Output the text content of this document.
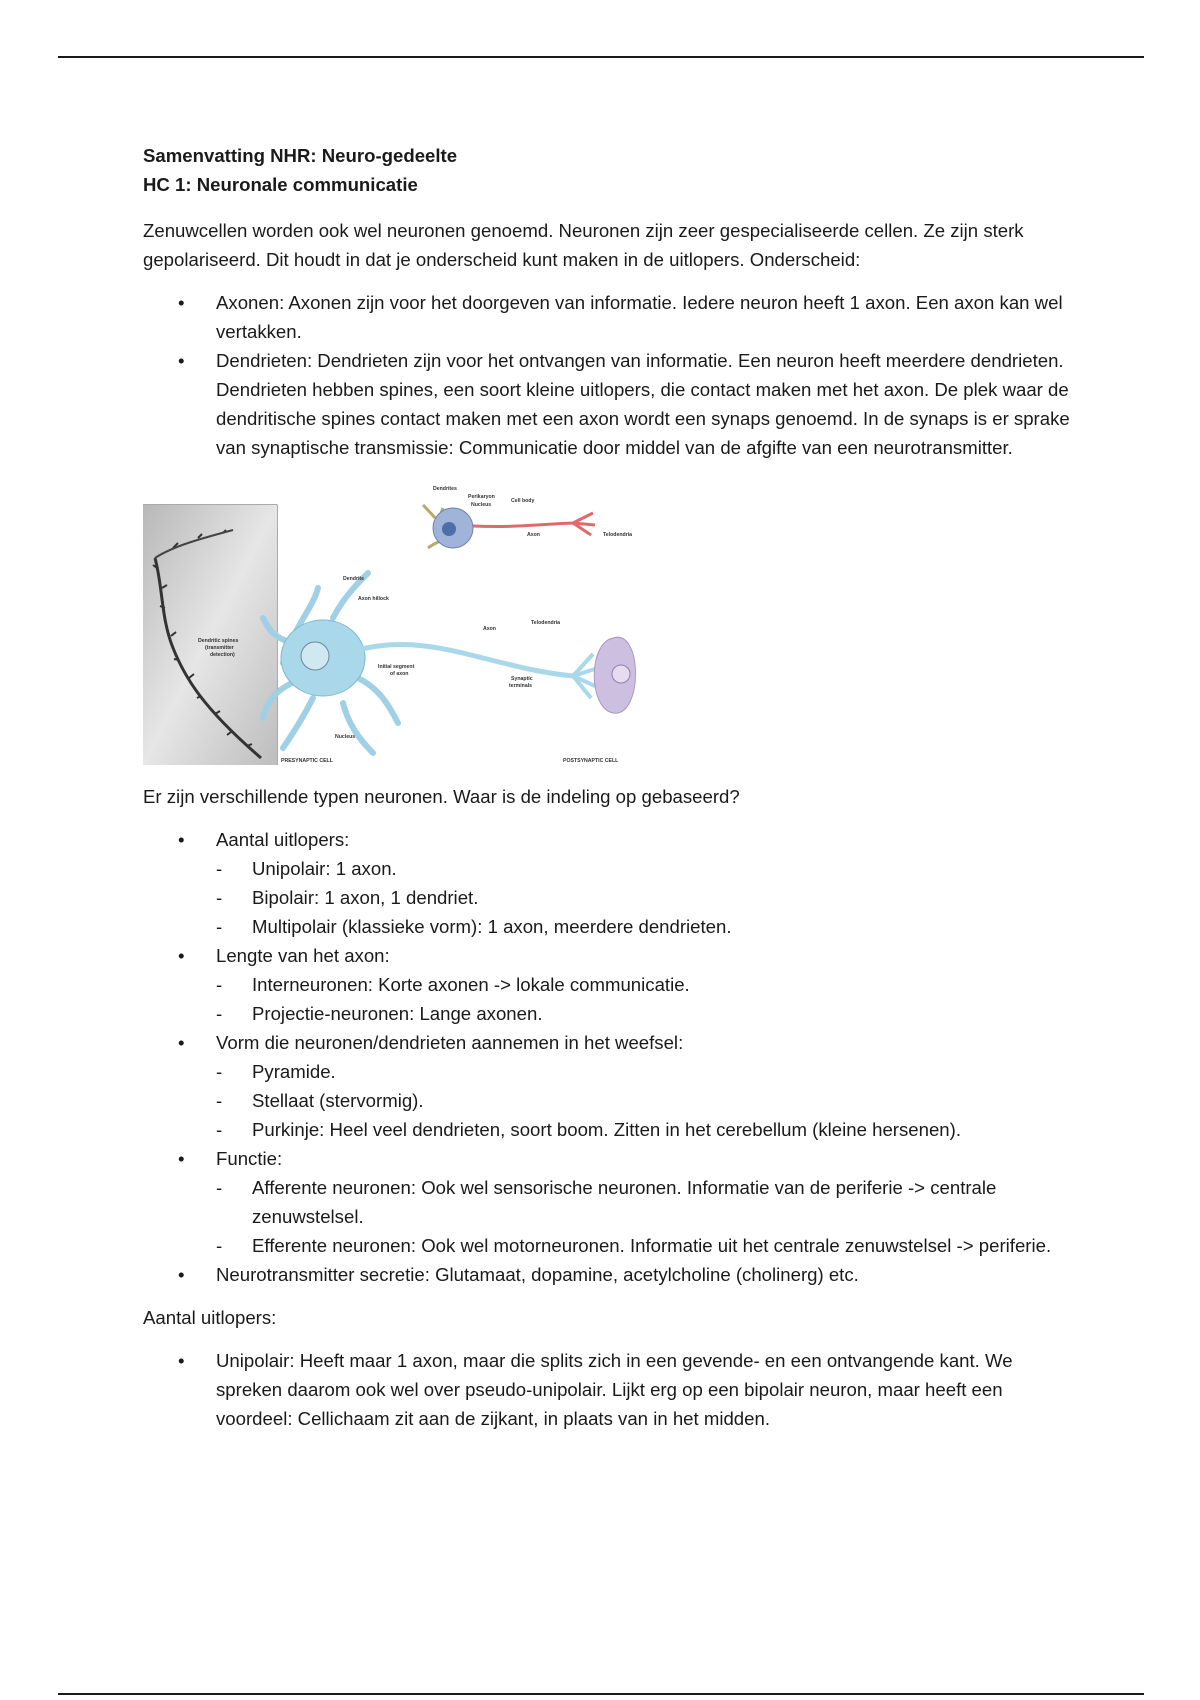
Samenvatting NHR: Neuro-gedeelte

HC 1: Neuronale communicatie

Zenuwcellen worden ook wel neuronen genoemd. Neuronen zijn zeer gespecialiseerde cellen. Ze zijn sterk gepolariseerd. Dit houdt in dat je onderscheid kunt maken in de uitlopers. Onderscheid:

• Axonen: Axonen zijn voor het doorgeven van informatie. Iedere neuron heeft 1 axon. Een axon kan wel vertakken.
• Dendrieten: Dendrieten zijn voor het ontvangen van informatie. Een neuron heeft meerdere dendrieten. Dendrieten hebben spines, een soort kleine uitlopers, die contact maken met het axon. De plek waar de dendritische spines contact maken met een axon wordt een synaps genoemd. In de synaps is er sprake van synaptische transmissie: Communicatie door middel van de afgifte van een neurotransmitter.
Dendrites
Perikaryon
Nucleus
Cell body
Axon	Telodendria
Dendrite
Axon hillock
Dendritic spines
(transmitter
detection)
Axon
Telodendria
Initial segment
of axon
Synaptic
terminals
Nucleus
PRESYNAPTIC CELL	POSTSYNAPTIC CELL

Er zijn verschillende typen neuronen. Waar is de indeling op gebaseerd?

• Aantal uitlopers:
- Unipolair: 1 axon.
- Bipolair: 1 axon, 1 dendriet.
- Multipolair (klassieke vorm): 1 axon, meerdere dendrieten.
• Lengte van het axon:
- Interneuronen: Korte axonen -> lokale communicatie.
- Projectie-neuronen: Lange axonen.
• Vorm die neuronen/dendrieten aannemen in het weefsel:
- Pyramide.
- Stellaat (stervormig).
- Purkinje: Heel veel dendrieten, soort boom. Zitten in het cerebellum (kleine hersenen).
• Functie:
- Afferente neuronen: Ook wel sensorische neuronen. Informatie van de periferie -> centrale zenuwstelsel.
- Efferente neuronen: Ook wel motorneuronen. Informatie uit het centrale zenuwstelsel -> periferie.
• Neurotransmitter secretie: Glutamaat, dopamine, acetylcholine (cholinerg) etc.

Aantal uitlopers:

• Unipolair: Heeft maar 1 axon, maar die splits zich in een gevende- en een ontvangende kant. We spreken daarom ook wel over pseudo-unipolair. Lijkt erg op een bipolair neuron, maar heeft een voordeel: Cellichaam zit aan de zijkant, in plaats van in het midden.
